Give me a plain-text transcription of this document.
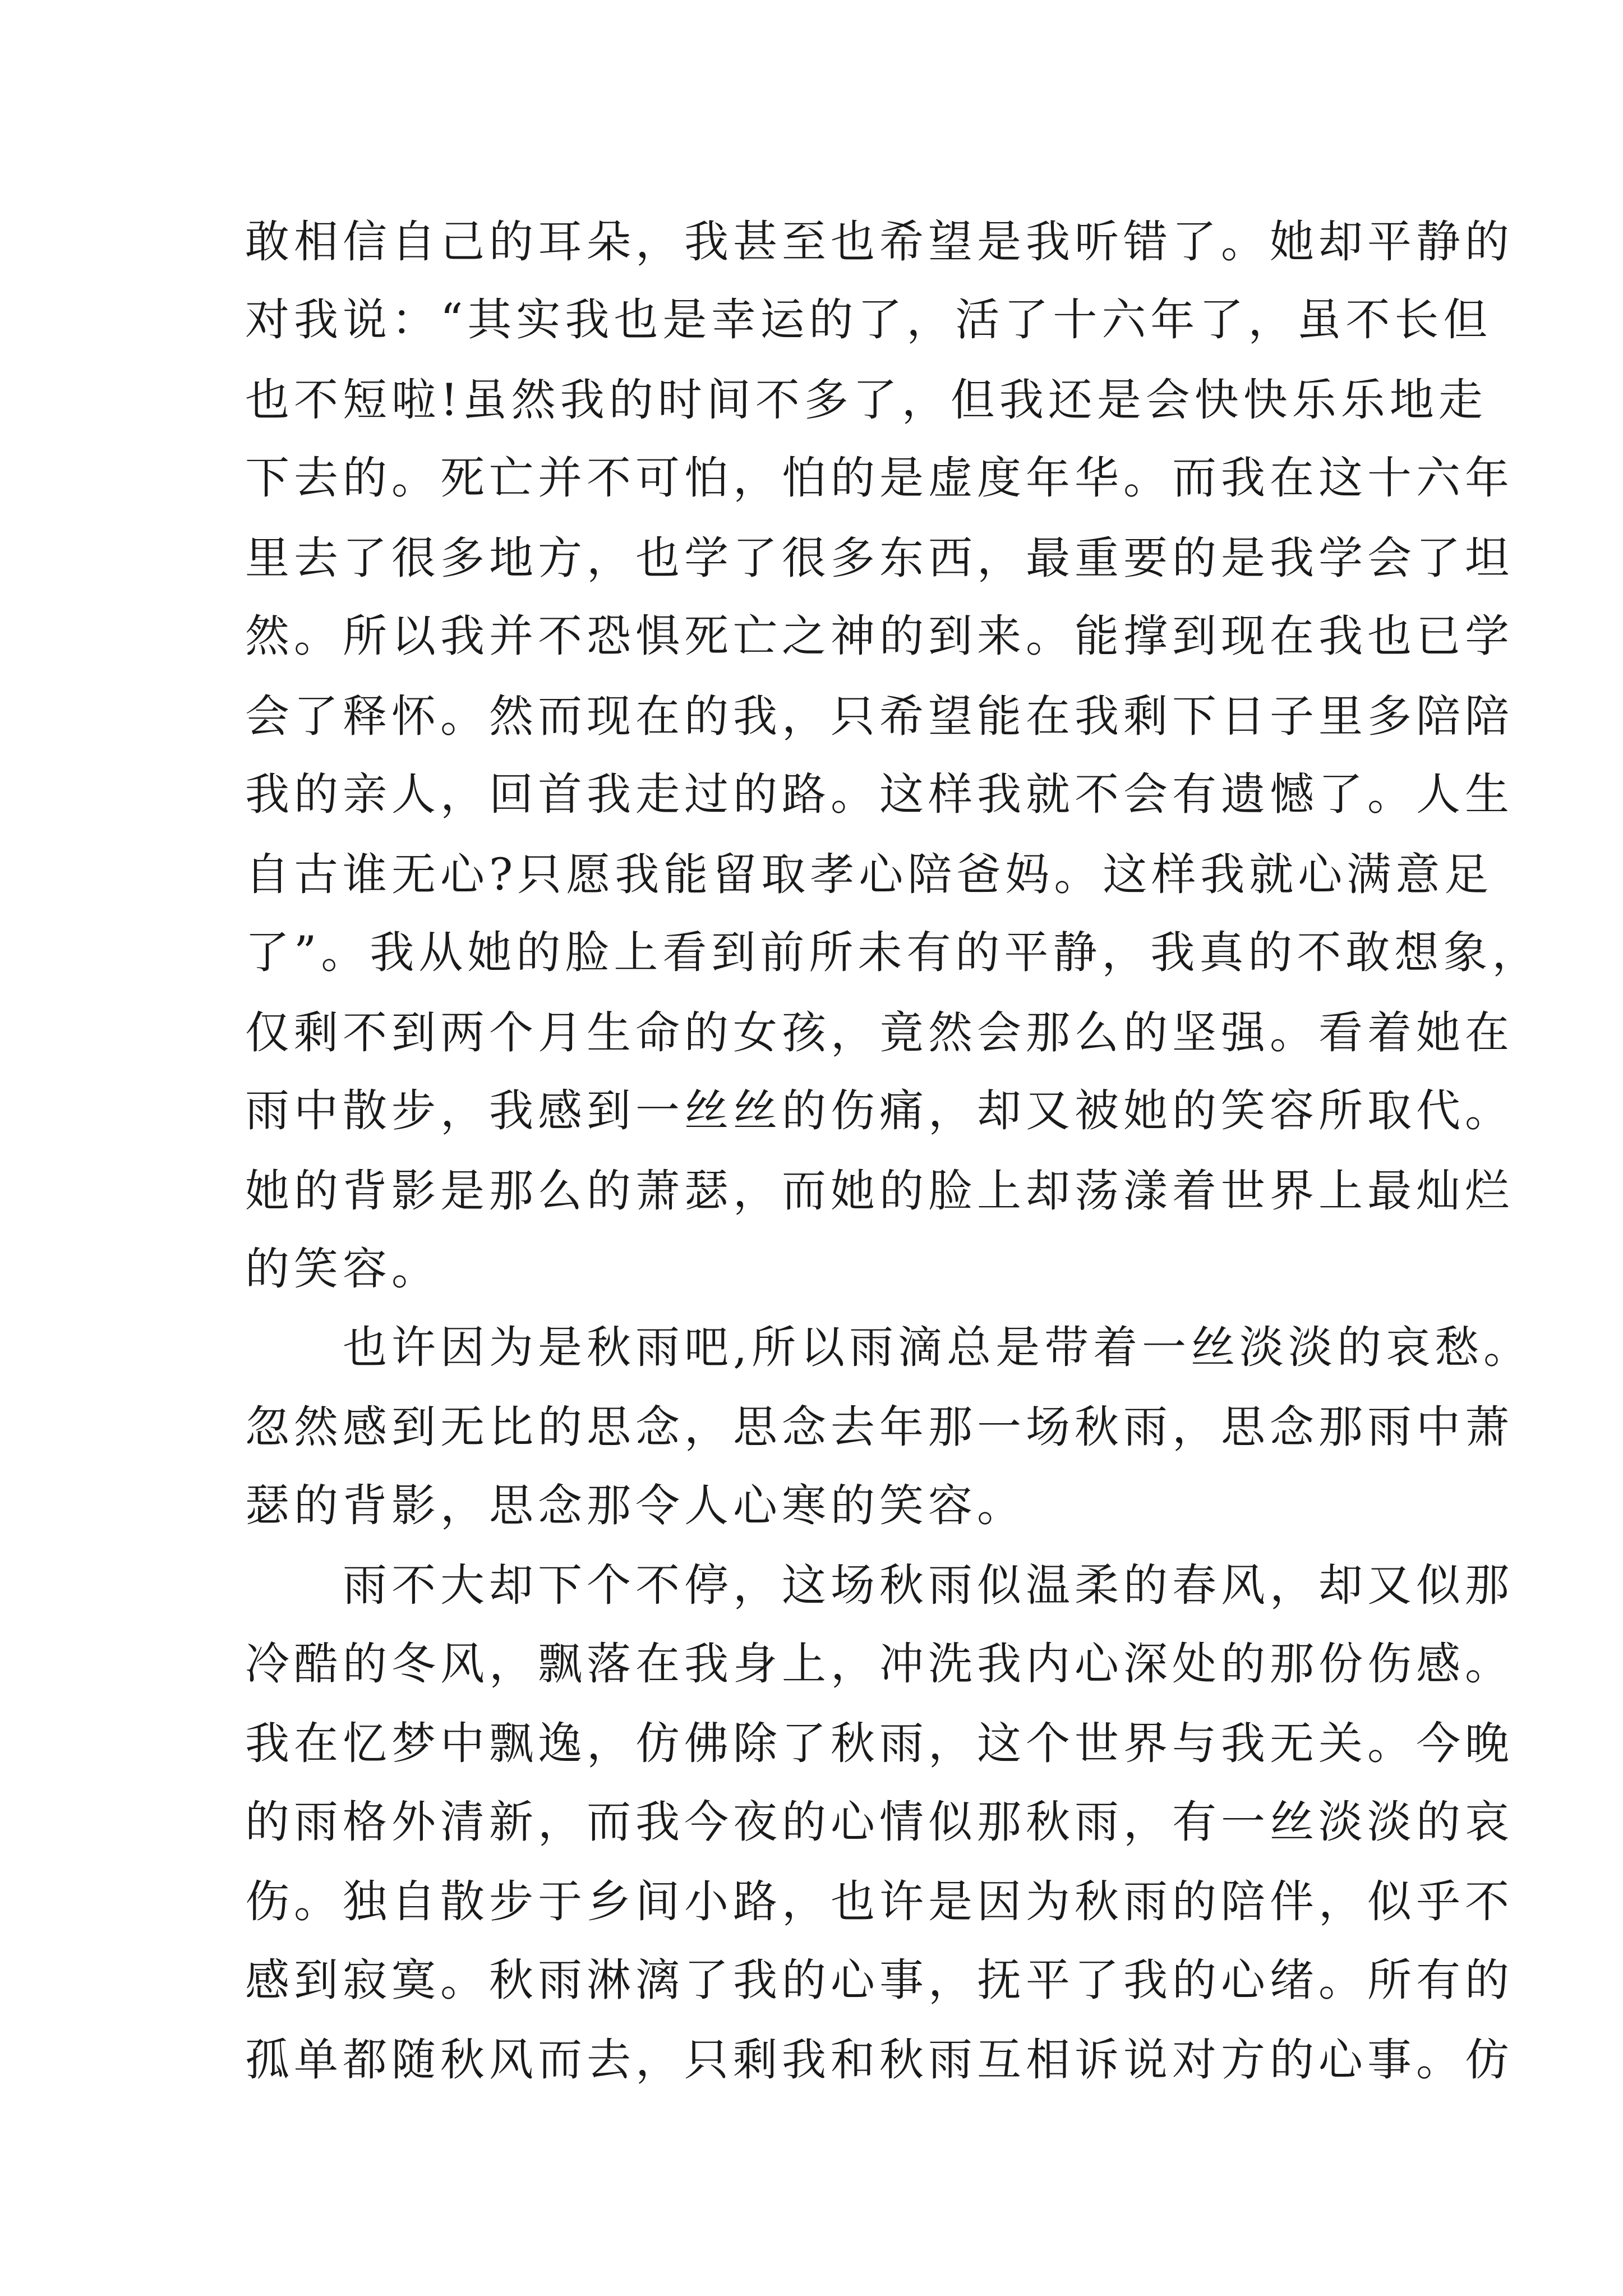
敢相信自己的耳朵，我甚至也希望是我听错了。她却平静的
对我说：“其实我也是幸运的了，活了十六年了，虽不长但
也不短啦!虽然我的时间不多了，但我还是会快快乐乐地走
下去的。死亡并不可怕，怕的是虚度年华。而我在这十六年
里去了很多地方，也学了很多东西，最重要的是我学会了坦
然。所以我并不恐惧死亡之神的到来。能撑到现在我也已学
会了释怀。然而现在的我，只希望能在我剩下日子里多陪陪
我的亲人，回首我走过的路。这样我就不会有遗憾了。人生
自古谁无心?只愿我能留取孝心陪爸妈。这样我就心满意足
了”。我从她的脸上看到前所未有的平静，我真的不敢想象，
仅剩不到两个月生命的女孩，竟然会那么的坚强。看着她在
雨中散步，我感到一丝丝的伤痛，却又被她的笑容所取代。
她的背影是那么的萧瑟，而她的脸上却荡漾着世界上最灿烂
的笑容。
　　也许因为是秋雨吧,所以雨滴总是带着一丝淡淡的哀愁。
忽然感到无比的思念，思念去年那一场秋雨，思念那雨中萧
瑟的背影，思念那令人心寒的笑容。
　　雨不大却下个不停，这场秋雨似温柔的春风，却又似那
冷酷的冬风，飘落在我身上，冲洗我内心深处的那份伤感。
我在忆梦中飘逸，仿佛除了秋雨，这个世界与我无关。今晚
的雨格外清新，而我今夜的心情似那秋雨，有一丝淡淡的哀
伤。独自散步于乡间小路，也许是因为秋雨的陪伴，似乎不
感到寂寞。秋雨淋漓了我的心事，抚平了我的心绪。所有的
孤单都随秋风而去，只剩我和秋雨互相诉说对方的心事。仿
